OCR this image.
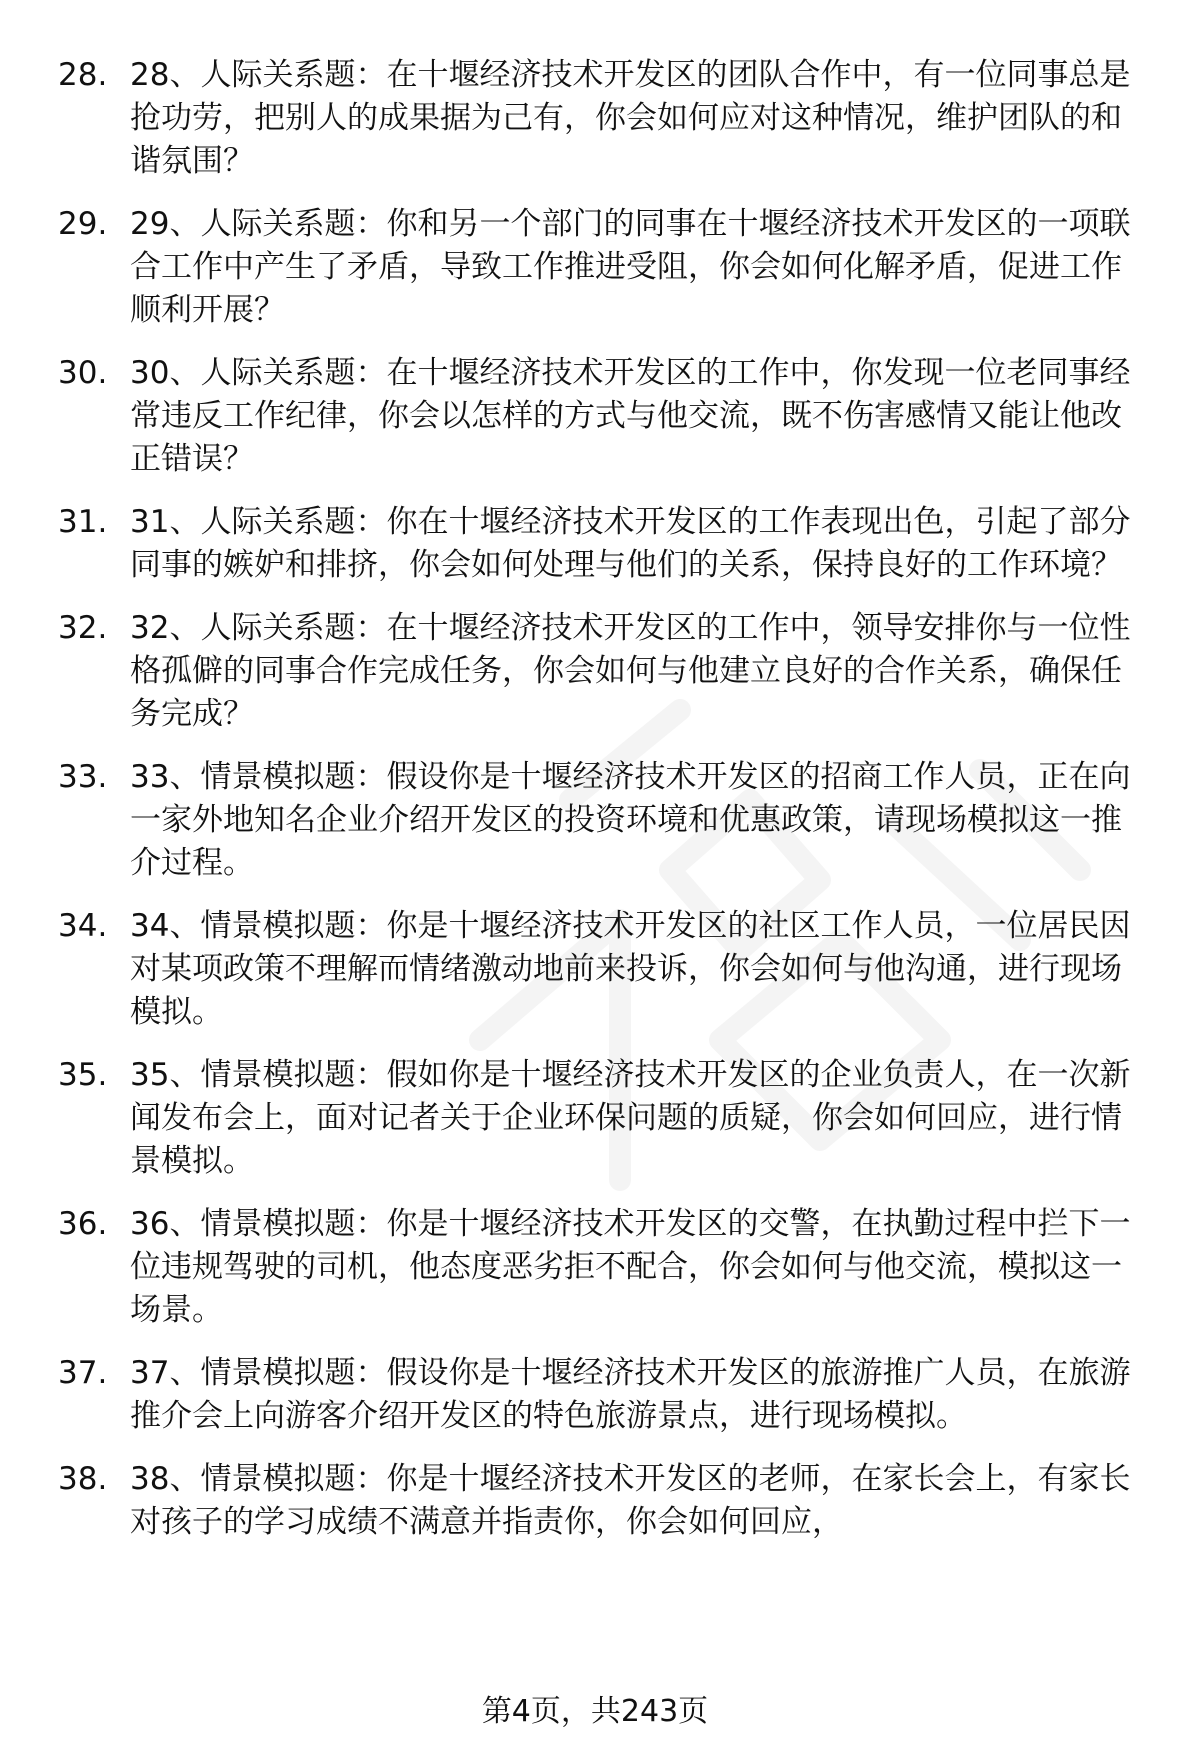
28. 28、人际关系题：在十堰经济技术开发区的团队合作中，有一位同事总是抢功劳，把别人的成果据为己有，你会如何应对这种情况，维护团队的和谐氛围？
29. 29、人际关系题：你和另一个部门的同事在十堰经济技术开发区的一项联合工作中产生了矛盾，导致工作推进受阻，你会如何化解矛盾，促进工作顺利开展？
30. 30、人际关系题：在十堰经济技术开发区的工作中，你发现一位老同事经常违反工作纪律，你会以怎样的方式与他交流，既不伤害感情又能让他改正错误？
31. 31、人际关系题：你在十堰经济技术开发区的工作表现出色，引起了部分同事的嫉妒和排挤，你会如何处理与他们的关系，保持良好的工作环境？
32. 32、人际关系题：在十堰经济技术开发区的工作中，领导安排你与一位性格孤僻的同事合作完成任务，你会如何与他建立良好的合作关系，确保任务完成？
33. 33、情景模拟题：假设你是十堰经济技术开发区的招商工作人员，正在向一家外地知名企业介绍开发区的投资环境和优惠政策，请现场模拟这一推介过程。
34. 34、情景模拟题：你是十堰经济技术开发区的社区工作人员，一位居民因对某项政策不理解而情绪激动地前来投诉，你会如何与他沟通，进行现场模拟。
35. 35、情景模拟题：假如你是十堰经济技术开发区的企业负责人，在一次新闻发布会上，面对记者关于企业环保问题的质疑，你会如何回应，进行情景模拟。
36. 36、情景模拟题：你是十堰经济技术开发区的交警，在执勤过程中拦下一位违规驾驶的司机，他态度恶劣拒不配合，你会如何与他交流，模拟这一场景。
37. 37、情景模拟题：假设你是十堰经济技术开发区的旅游推广人员，在旅游推介会上向游客介绍开发区的特色旅游景点，进行现场模拟。
38. 38、情景模拟题：你是十堰经济技术开发区的老师，在家长会上，有家长对孩子的学习成绩不满意并指责你，你会如何回应，
第4页，共243页
